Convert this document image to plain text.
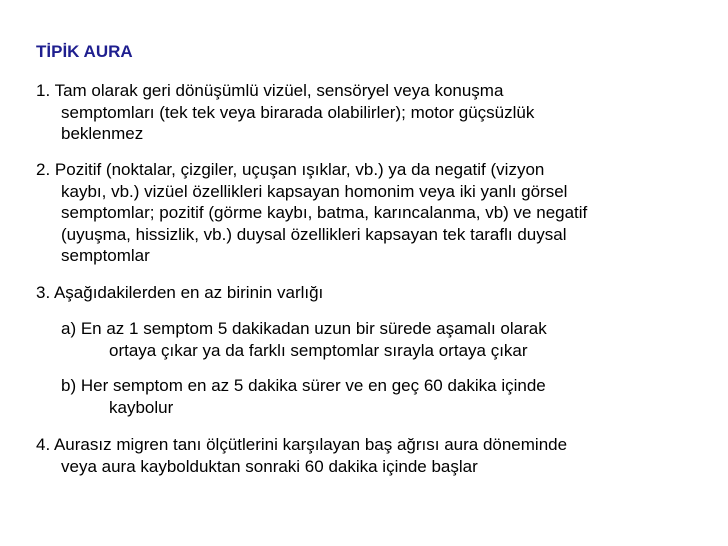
TİPİK AURA
1. Tam olarak geri dönüşümlü vizüel, sensöryel veya konuşma
semptomları (tek tek veya birarada olabilirler); motor güçsüzlük
beklenmez
2. Pozitif (noktalar, çizgiler, uçuşan ışıklar, vb.) ya da negatif (vizyon
kaybı, vb.) vizüel özellikleri kapsayan homonim veya iki yanlı görsel
semptomlar; pozitif (görme kaybı, batma, karıncalanma, vb) ve negatif
(uyuşma, hissizlik, vb.) duysal özellikleri kapsayan tek taraflı duysal
semptomlar
3. Aşağıdakilerden en az birinin varlığı
a) En az 1 semptom 5 dakikadan uzun bir sürede aşamalı olarak
ortaya çıkar ya da farklı semptomlar sırayla ortaya çıkar
b) Her semptom en az 5 dakika sürer ve en geç 60 dakika içinde
kaybolur
4. Aurasız migren tanı ölçütlerini karşılayan baş ağrısı aura döneminde
veya aura kaybolduktan sonraki 60 dakika içinde başlar
